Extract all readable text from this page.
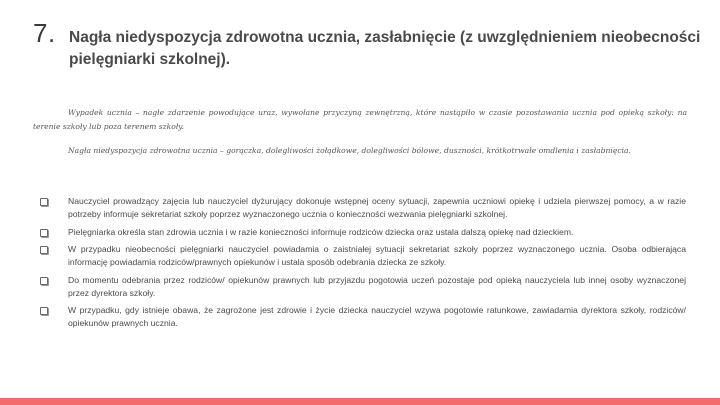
7. Nagła niedyspozycja zdrowotna ucznia, zasłabnięcie (z uwzględnieniem nieobecności pielęgniarki szkolnej).

Wypadek ucznia – nagłe zdarzenie powodujące uraz, wywołane przyczyną zewnętrzną, które nastąpiło w czasie pozostawania ucznia pod opieką szkoły: na terenie szkoły lub poza terenem szkoły.

Nagła niedyspozycja zdrowotna ucznia – gorączka, dolegliwości żołądkowe, dolegliwości bólowe, duszności, krótkotrwałe omdlenia i zasłabnięcia.

Nauczyciel prowadzący zajęcia lub nauczyciel dyżurujący dokonuje wstępnej oceny sytuacji, zapewnia uczniowi opiekę i udziela pierwszej pomocy, a w razie potrzeby informuje sekretariat szkoły poprzez wyznaczonego ucznia o konieczności wezwania pielęgniarki szkolnej.
Pielęgniarka określa stan zdrowia ucznia i w razie konieczności informuje rodziców dziecka oraz ustala dalszą opiekę nad dzieckiem.
W przypadku nieobecności pielęgniarki nauczyciel powiadamia o zaistniałej sytuacji sekretariat szkoły poprzez wyznaczonego ucznia. Osoba odbierająca informację powiadamia rodziców/prawnych opiekunów i ustala sposób odebrania dziecka ze szkoły.
Do momentu odebrania przez rodziców/ opiekunów prawnych lub przyjazdu pogotowia uczeń pozostaje pod opieką nauczyciela lub innej osoby wyznaczonej przez dyrektora szkoły.
W przypadku, gdy istnieje obawa, że zagrożone jest zdrowie i życie dziecka nauczyciel wzywa pogotowie ratunkowe, zawiadamia dyrektora szkoły, rodziców/ opiekunów prawnych ucznia.
